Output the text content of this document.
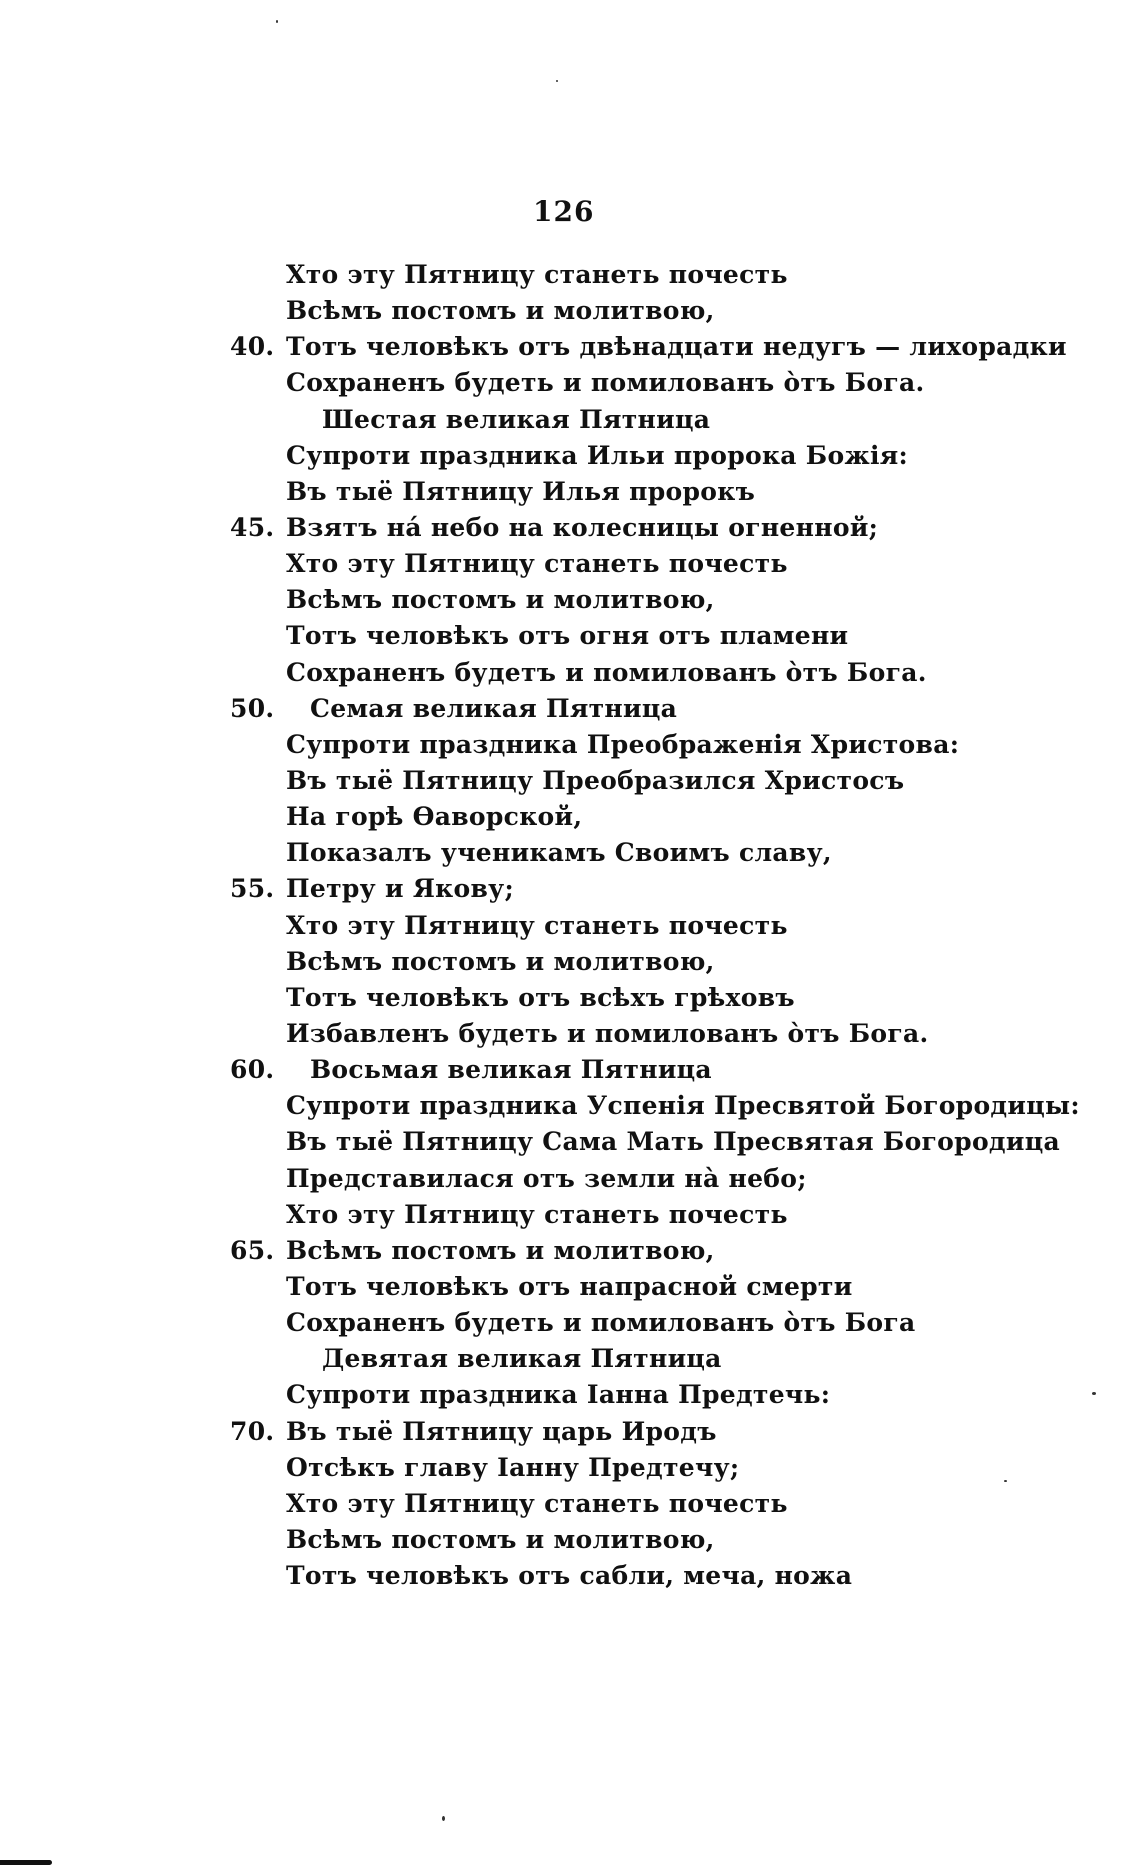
126
Хто эту Пятницу станеть почесть
Всѣмъ постомъ и молитвою,
40. Тотъ человѣкъ отъ двѣнадцати недугъ — лихорадки
Сохраненъ будеть и помилованъ о̀тъ Бога.
Шестая великая Пятница
Супроти праздника Ильи пророка Божія:
Въ тыё Пятницу Илья пророкъ
45. Взятъ на́ небо на колесницы огненной;
Хто эту Пятницу станеть почесть
Всѣмъ постомъ и молитвою,
Тотъ человѣкъ отъ огня отъ пламени
Сохраненъ будетъ и помилованъ о̀тъ Бога.
50. Семая великая Пятница
Супроти праздника Преображенія Христова:
Въ тыё Пятницу Преобразился Христосъ
На горѣ Ѳаворской,
Показалъ ученикамъ Своимъ славу,
55. Петру и Якову;
Хто эту Пятницу станеть почесть
Всѣмъ постомъ и молитвою,
Тотъ человѣкъ отъ всѣхъ грѣховъ
Избавленъ будеть и помилованъ о̀тъ Бога.
60. Восьмая великая Пятница
Супроти праздника Успенія Пресвятой Богородицы:
Въ тыё Пятницу Сама Мать Пресвятая Богородица
Представилася отъ земли на̀ небо;
Хто эту Пятницу станеть почесть
65. Всѣмъ постомъ и молитвою,
Тотъ человѣкъ отъ напрасной смерти
Сохраненъ будеть и помилованъ о̀тъ Бога
Девятая великая Пятница
Супроти праздника Іанна Предтечь:
70. Въ тыё Пятницу царь Иродъ
Отсѣкъ главу Іанну Предтечу;
Хто эту Пятницу станеть почесть
Всѣмъ постомъ и молитвою,
Тотъ человѣкъ отъ сабли, меча, ножа
